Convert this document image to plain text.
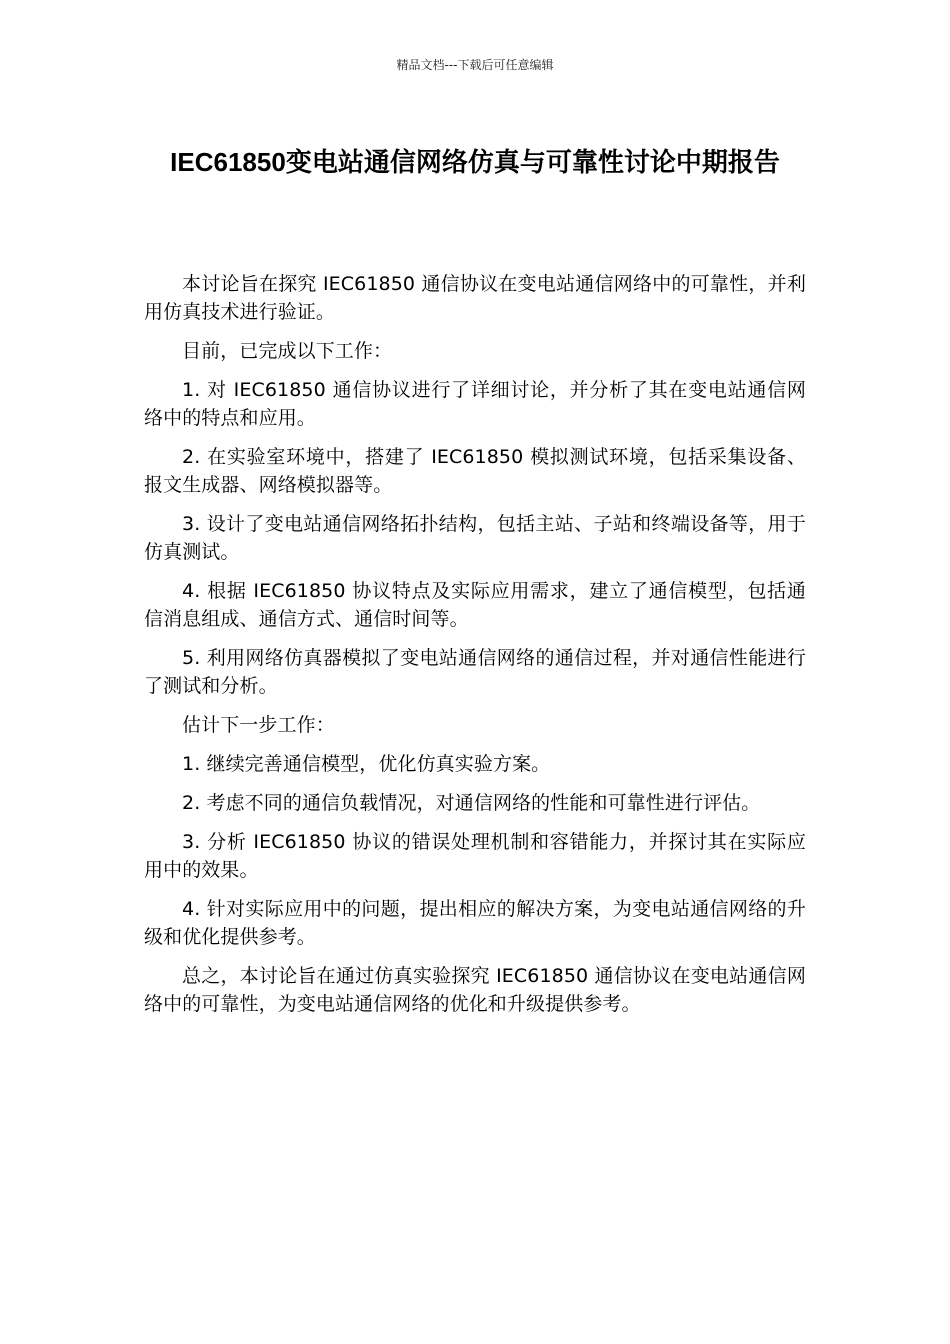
精品文档---下载后可任意编辑
IEC61850变电站通信网络仿真与可靠性讨论中期报告

本讨论旨在探究 IEC61850 通信协议在变电站通信网络中的可靠性，并利用仿真技术进行验证。

目前，已完成以下工作：

1. 对 IEC61850 通信协议进行了详细讨论，并分析了其在变电站通信网络中的特点和应用。

2. 在实验室环境中，搭建了 IEC61850 模拟测试环境，包括采集设备、报文生成器、网络模拟器等。

3. 设计了变电站通信网络拓扑结构，包括主站、子站和终端设备等，用于仿真测试。

4. 根据 IEC61850 协议特点及实际应用需求，建立了通信模型，包括通信消息组成、通信方式、通信时间等。

5. 利用网络仿真器模拟了变电站通信网络的通信过程，并对通信性能进行了测试和分析。

估计下一步工作：

1. 继续完善通信模型，优化仿真实验方案。

2. 考虑不同的通信负载情况，对通信网络的性能和可靠性进行评估。

3. 分析 IEC61850 协议的错误处理机制和容错能力，并探讨其在实际应用中的效果。

4. 针对实际应用中的问题，提出相应的解决方案，为变电站通信网络的升级和优化提供参考。

总之，本讨论旨在通过仿真实验探究 IEC61850 通信协议在变电站通信网络中的可靠性，为变电站通信网络的优化和升级提供参考。
